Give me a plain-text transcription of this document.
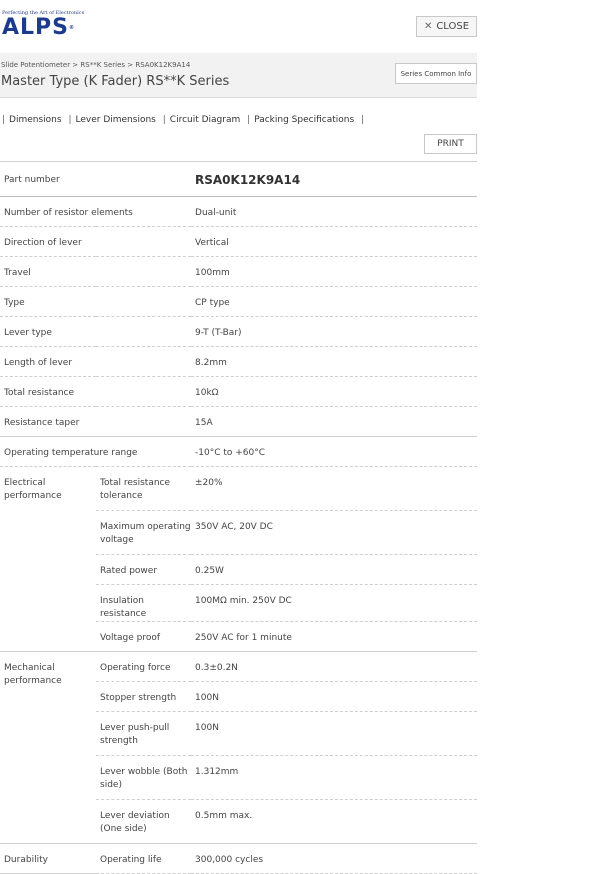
Perfecting the Art of Electronics
ALPS®	✕ CLOSE
Slide Potentiometer > RS**K Series > RSA0K12K9A14
Master Type (K Fader) RS**K Series
Series Common Info
| Dimensions | Lever Dimensions | Circuit Diagram | Packing Specifications |
PRINT
Part number		RSA0K12K9A14
Number of resistor elements		Dual-unit
Direction of lever		Vertical
Travel		100mm
Type		CP type
Lever type		9-T (T-Bar)
Length of lever		8.2mm
Total resistance		10kΩ
Resistance taper		15A
Operating temperature range		-10°C to +60°C
Electrical performance	Total resistance tolerance	±20%
	Maximum operating voltage	350V AC, 20V DC
	Rated power	0.25W
	Insulation resistance	100MΩ min. 250V DC
	Voltage proof	250V AC for 1 minute
Mechanical performance	Operating force	0.3±0.2N
	Stopper strength	100N
	Lever push-pull strength	100N
	Lever wobble (Both side)	1.312mm
	Lever deviation (One side)	0.5mm max.
Durability	Operating life	300,000 cycles
